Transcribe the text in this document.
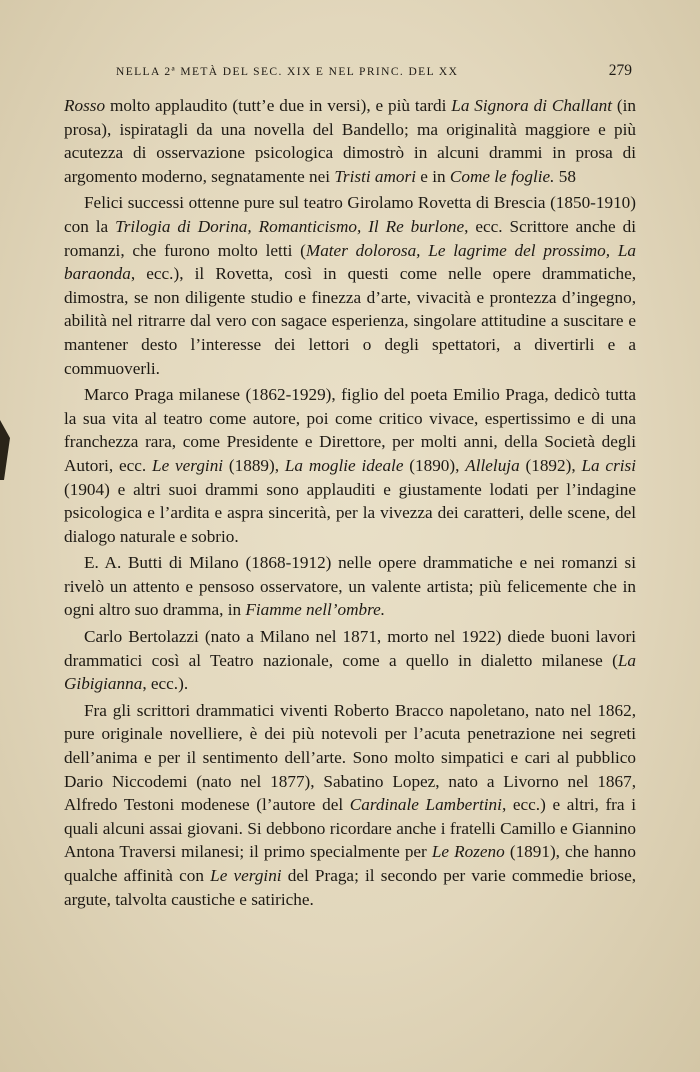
NELLA 2ª METÀ DEL SEC. XIX E NEL PRINC. DEL XX	279

Rosso molto applaudito (tutt’e due in versi), e più tardi La Signora di Challant (in prosa), ispiratagli da una novella del Bandello; ma originalità maggiore e più acutezza di osservazione psicologica dimostrò in alcuni drammi in prosa di argomento moderno, segnatamente nei Tristi amori e in Come le foglie. 58

Felici successi ottenne pure sul teatro Girolamo Rovetta di Brescia (1850-1910) con la Trilogia di Dorina, Romanticismo, Il Re burlone, ecc. Scrittore anche di romanzi, che furono molto letti (Mater dolorosa, Le lagrime del prossimo, La baraonda, ecc.), il Rovetta, così in questi come nelle opere drammatiche, dimostra, se non diligente studio e finezza d’arte, vivacità e prontezza d’ingegno, abilità nel ritrarre dal vero con sagace esperienza, singolare attitudine a suscitare e mantener desto l’interesse dei lettori o degli spettatori, a divertirli e a commuoverli.

Marco Praga milanese (1862-1929), figlio del poeta Emilio Praga, dedicò tutta la sua vita al teatro come autore, poi come critico vivace, espertissimo e di una franchezza rara, come Presidente e Direttore, per molti anni, della Società degli Autori, ecc. Le vergini (1889), La moglie ideale (1890), Alleluja (1892), La crisi (1904) e altri suoi drammi sono applauditi e giustamente lodati per l’indagine psicologica e l’ardita e aspra sincerità, per la vivezza dei caratteri, delle scene, del dialogo naturale e sobrio.

E. A. Butti di Milano (1868-1912) nelle opere drammatiche e nei romanzi si rivelò un attento e pensoso osservatore, un valente artista; più felicemente che in ogni altro suo dramma, in Fiamme nell’ombre.

Carlo Bertolazzi (nato a Milano nel 1871, morto nel 1922) diede buoni lavori drammatici così al Teatro nazionale, come a quello in dialetto milanese (La Gibigianna, ecc.).

Fra gli scrittori drammatici viventi Roberto Bracco napoletano, nato nel 1862, pure originale novelliere, è dei più notevoli per l’acuta penetrazione nei segreti dell’anima e per il sentimento dell’arte. Sono molto simpatici e cari al pubblico Dario Niccodemi (nato nel 1877), Sabatino Lopez, nato a Livorno nel 1867, Alfredo Testoni modenese (l’autore del Cardinale Lambertini, ecc.) e altri, fra i quali alcuni assai giovani. Si debbono ricordare anche i fratelli Camillo e Giannino Antona Traversi milanesi; il primo specialmente per Le Rozeno (1891), che hanno qualche affinità con Le vergini del Praga; il secondo per varie commedie briose, argute, talvolta caustiche e satiriche.
